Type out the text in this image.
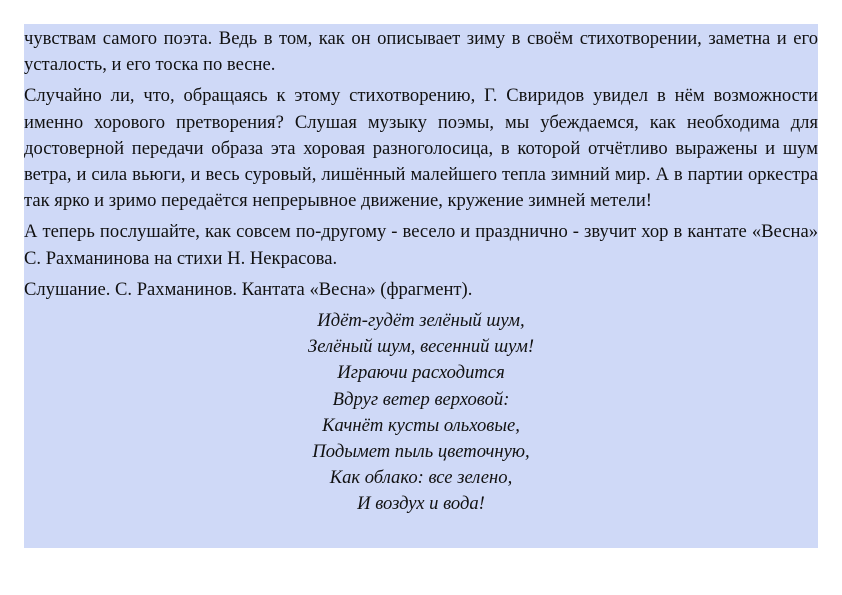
чувствам самого поэта. Ведь в том, как он описывает зиму в своём стихотворении, заметна и его усталость, и его тоска по весне.

Случайно ли, что, обращаясь к этому стихотворению, Г. Свиридов увидел в нём возможности именно хорового претворения? Слушая музыку поэмы, мы убеждаемся, как необходима для достоверной передачи образа эта хоровая разноголосица, в которой отчётливо выражены и шум ветра, и сила вьюги, и весь суровый, лишённый малейшего тепла зимний мир. А в партии оркестра так ярко и зримо передаётся непрерывное движение, кружение зимней метели!

А теперь послушайте, как совсем по-другому - весело и празднично - звучит хор в кантате «Весна» С. Рахманинова на стихи Н. Некрасова.

Слушание. С. Рахманинов. Кантата «Весна» (фрагмент).

Идёт-гудёт зелёный шум,
Зелёный шум, весенний шум!
Играючи расходится
Вдруг ветер верховой:
Качнёт кусты ольховые,
Подымет пыль цветочную,
Как облако: все зелено,
И воздух и вода!
